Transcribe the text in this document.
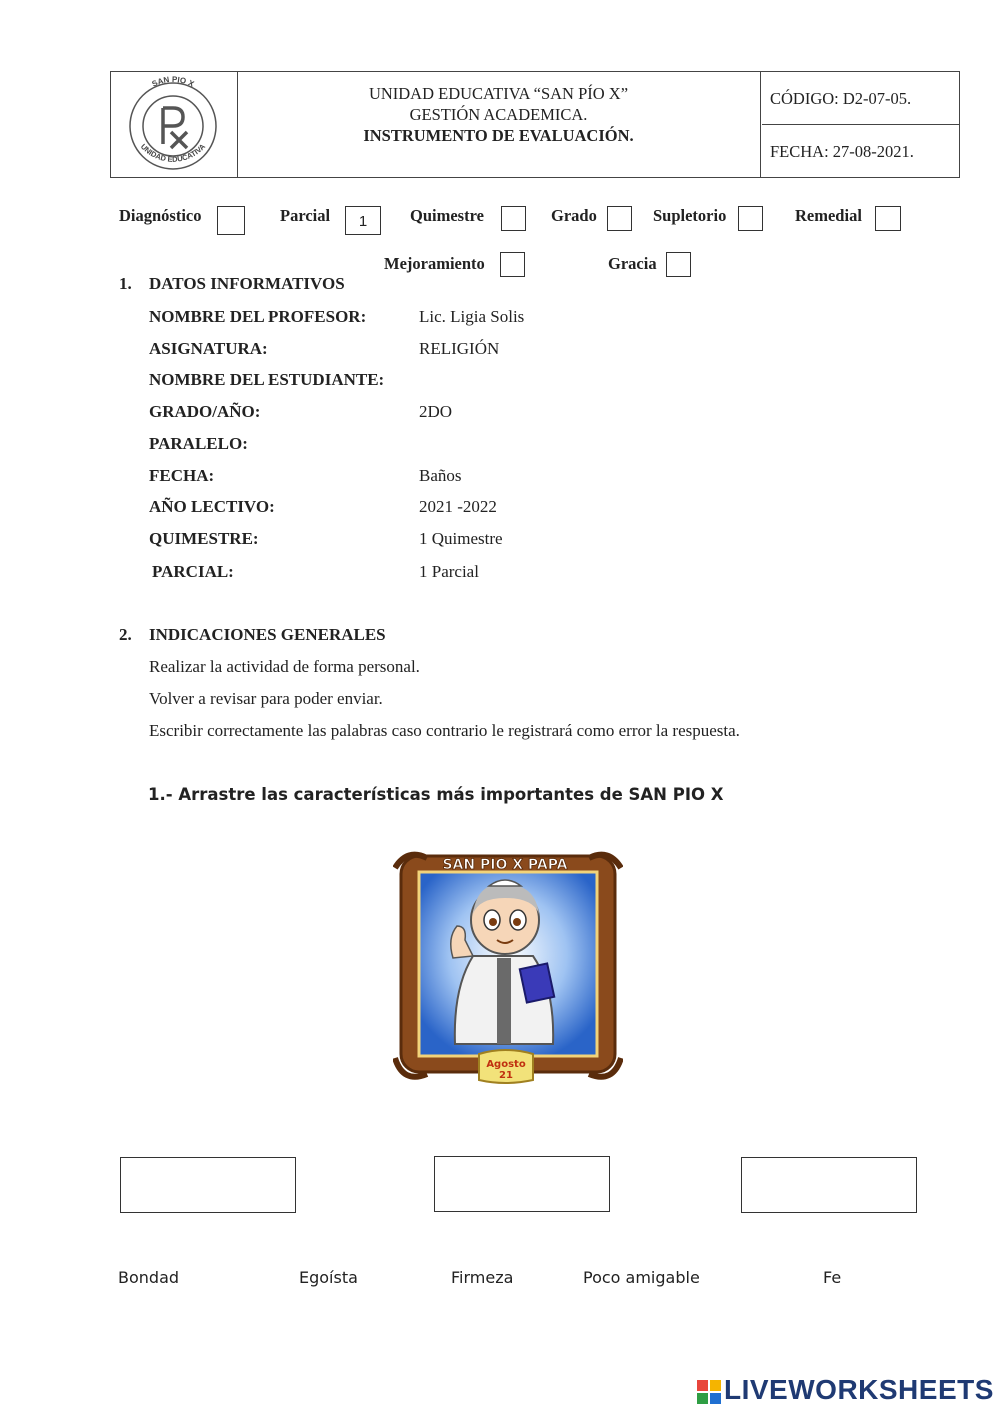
SAN PIO X
UNIDAD EDUCATIVA
UNIDAD EDUCATIVA “SAN PÍO X”
GESTIÓN ACADEMICA.
INSTRUMENTO DE EVALUACIÓN.
CÓDIGO: D2-07-05.
FECHA: 27-08-2021.
Diagnóstico	Parcial	1	Quimestre	Grado	Supletorio	Remedial
Mejoramiento	Gracia
1. DATOS INFORMATIVOS
NOMBRE DEL PROFESOR:	Lic. Ligia Solis
ASIGNATURA:	RELIGIÓN
NOMBRE DEL ESTUDIANTE:
GRADO/AÑO:	2DO
PARALELO:
FECHA:	Baños
AÑO LECTIVO:	2021 -2022
QUIMESTRE:	1 Quimestre
PARCIAL:	1 Parcial
2. INDICACIONES GENERALES
Realizar la actividad de forma personal.
Volver a revisar para poder enviar.
Escribir correctamente las palabras caso contrario le registrará como error la respuesta.
1.- Arrastre las características más importantes de SAN PIO X
SAN PIO X PAPA
Agosto
21
Bondad	Egoísta	Firmeza	Poco amigable	Fe
LIVEWORKSHEETS
